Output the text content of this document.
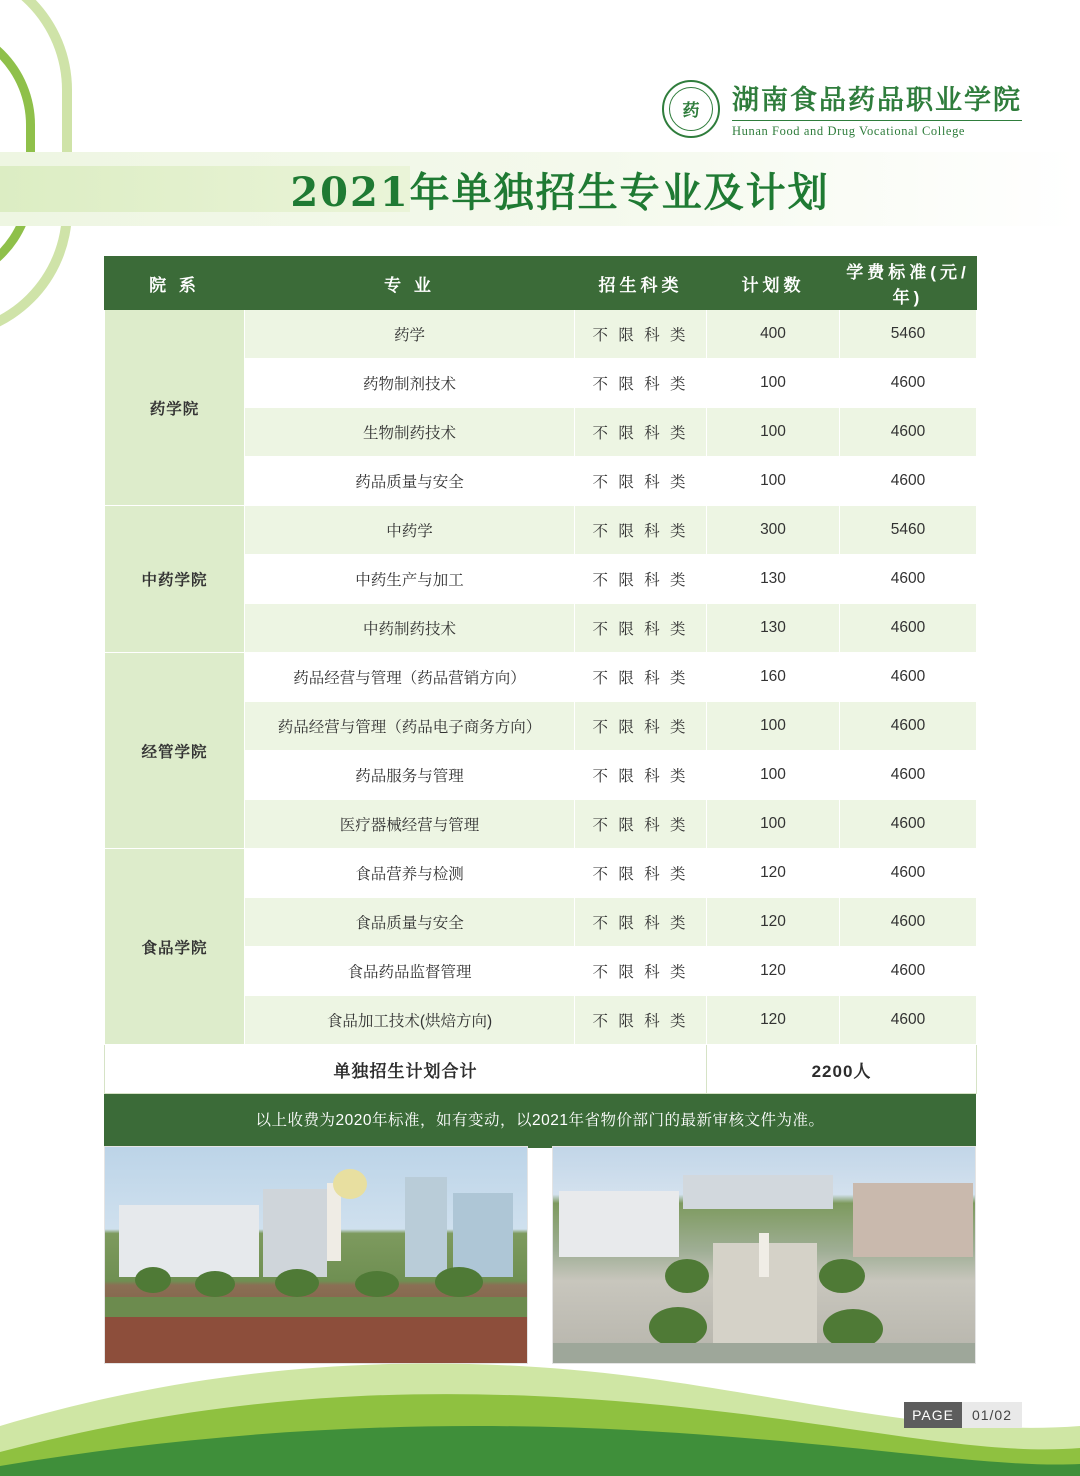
药 湖南食品药品职业学院
Hunan Food and Drug Vocational College
2021年单独招生专业及计划
院 系	专 业	招生科类	计划数	学费标准(元/年)
药学院	药学	不 限 科 类	400	5460
	药物制剂技术	不 限 科 类	100	4600
	生物制药技术	不 限 科 类	100	4600
	药品质量与安全	不 限 科 类	100	4600
中药学院	中药学	不 限 科 类	300	5460
	中药生产与加工	不 限 科 类	130	4600
	中药制药技术	不 限 科 类	130	4600
经管学院	药品经营与管理（药品营销方向）	不 限 科 类	160	4600
	药品经营与管理（药品电子商务方向）	不 限 科 类	100	4600
	药品服务与管理	不 限 科 类	100	4600
	医疗器械经营与管理	不 限 科 类	100	4600
食品学院	食品营养与检测	不 限 科 类	120	4600
	食品质量与安全	不 限 科 类	120	4600
	食品药品监督管理	不 限 科 类	120	4600
	食品加工技术(烘焙方向)	不 限 科 类	120	4600
单独招生计划合计			2200人	
以上收费为2020年标准，如有变动，以2021年省物价部门的最新审核文件为准。
PAGE	01/02
